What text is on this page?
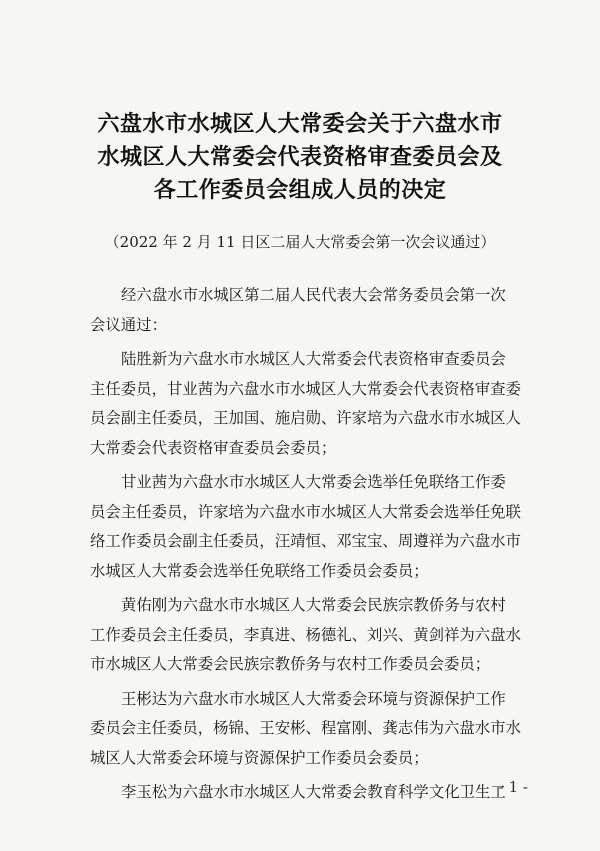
六盘水市水城区人大常委会关于六盘水市
水城区人大常委会代表资格审查委员会及
各工作委员会组成人员的决定
（2022 年 2 月 11 日区二届人大常委会第一次会议通过）

经六盘水市水城区第二届人民代表大会常务委员会第一次
会议通过：

陆胜新为六盘水市水城区人大常委会代表资格审查委员会
主任委员，甘业茜为六盘水市水城区人大常委会代表资格审查委
员会副主任委员，王加国、施启勋、许家培为六盘水市水城区人
大常委会代表资格审查委员会委员；

甘业茜为六盘水市水城区人大常委会选举任免联络工作委
员会主任委员，许家培为六盘水市水城区人大常委会选举任免联
络工作委员会副主任委员，汪靖恒、邓宝宝、周遵祥为六盘水市
水城区人大常委会选举任免联络工作委员会委员；

黄佑刚为六盘水市水城区人大常委会民族宗教侨务与农村
工作委员会主任委员，李真进、杨德礼、刘兴、黄剑祥为六盘水
市水城区人大常委会民族宗教侨务与农村工作委员会委员；

王彬达为六盘水市水城区人大常委会环境与资源保护工作
委员会主任委员，杨锦、王安彬、程富刚、龚志伟为六盘水市水
城区人大常委会环境与资源保护工作委员会委员；

李玉松为六盘水市水城区人大常委会教育科学文化卫生工

- 1 -
